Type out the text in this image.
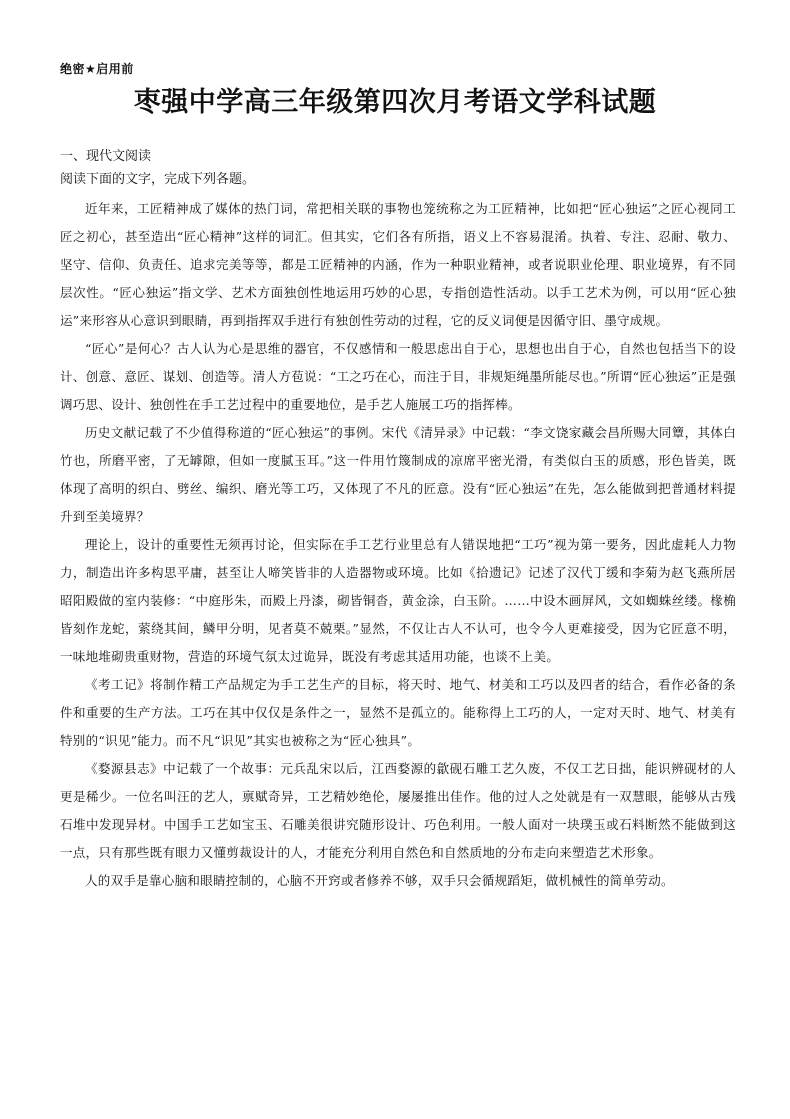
绝密★启用前
枣强中学高三年级第四次月考语文学科试题
一、现代文阅读
阅读下面的文字，完成下列各题。

近年来，工匠精神成了媒体的热门词，常把相关联的事物也笼统称之为工匠精神，比如把“匠心独运”之匠心视同工匠之初心，甚至造出“匠心精神”这样的词汇。但其实，它们各有所指，语义上不容易混淆。执着、专注、忍耐、敬力、坚守、信仰、负责任、追求完美等等，都是工匠精神的内涵，作为一种职业精神，或者说职业伦理、职业境界，有不同层次性。“匠心独运”指文学、艺术方面独创性地运用巧妙的心思，专指创造性活动。以手工艺术为例，可以用“匠心独运”来形容从心意识到眼睛，再到指挥双手进行有独创性劳动的过程，它的反义词便是因循守旧、墨守成规。

“匠心”是何心？古人认为心是思维的器官，不仅感情和一般思虑出自于心，思想也出自于心，自然也包括当下的设计、创意、意匠、谋划、创造等。清人方苞说：“工之巧在心，而注于目，非规矩绳墨所能尽也。”所谓“匠心独运”正是强调巧思、设计、独创性在手工艺过程中的重要地位，是手艺人施展工巧的指挥棒。

历史文献记载了不少值得称道的“匠心独运”的事例。宋代《清异录》中记载：“李文饶家藏会昌所赐大同簟，其体白竹也，所磨平密，了无罅隙，但如一度腻玉耳。”这一件用竹篾制成的凉席平密光滑，有类似白玉的质感，形色皆美，既体现了高明的织白、劈丝、编织、磨光等工巧，又体现了不凡的匠意。没有“匠心独运”在先，怎么能做到把普通材料提升到至美境界？

理论上，设计的重要性无须再讨论，但实际在手工艺行业里总有人错误地把“工巧”视为第一要务，因此虚耗人力物力，制造出许多构思平庸，甚至让人啼笑皆非的人造器物或环境。比如《拾遗记》记述了汉代丁缓和李菊为赵飞燕所居昭阳殿做的室内装修：“中庭彤朱，而殿上丹漆，砌皆铜沓，黄金涂，白玉阶。……中设木画屏风，文如蜘蛛丝缕。椽桷皆刻作龙蛇，萦绕其间，鳞甲分明，见者莫不兢栗。”显然，不仅让古人不认可，也令今人更难接受，因为它匠意不明，一味地堆砌贵重财物，营造的环境气氛太过诡异，既没有考虑其适用功能，也谈不上美。

《考工记》将制作精工产品规定为手工艺生产的目标，将天时、地气、材美和工巧以及四者的结合，看作必备的条件和重要的生产方法。工巧在其中仅仅是条件之一，显然不是孤立的。能称得上工巧的人，一定对天时、地气、材美有特别的“识见”能力。而不凡“识见”其实也被称之为“匠心独具”。

《婺源县志》中记载了一个故事：元兵乱宋以后，江西婺源的歙砚石雕工艺久废，不仅工艺日拙，能识辨砚材的人更是稀少。一位名叫汪的艺人，禀赋奇异，工艺精妙绝伦，屡屡推出佳作。他的过人之处就是有一双慧眼，能够从古残石堆中发现异材。中国手工艺如宝玉、石雕美很讲究随形设计、巧色利用。一般人面对一块璞玉或石料断然不能做到这一点，只有那些既有眼力又懂剪裁设计的人，才能充分利用自然色和自然质地的分布走向来塑造艺术形象。

人的双手是靠心脑和眼睛控制的，心脑不开窍或者修养不够，双手只会循规蹈矩，做机械性的简单劳动。
